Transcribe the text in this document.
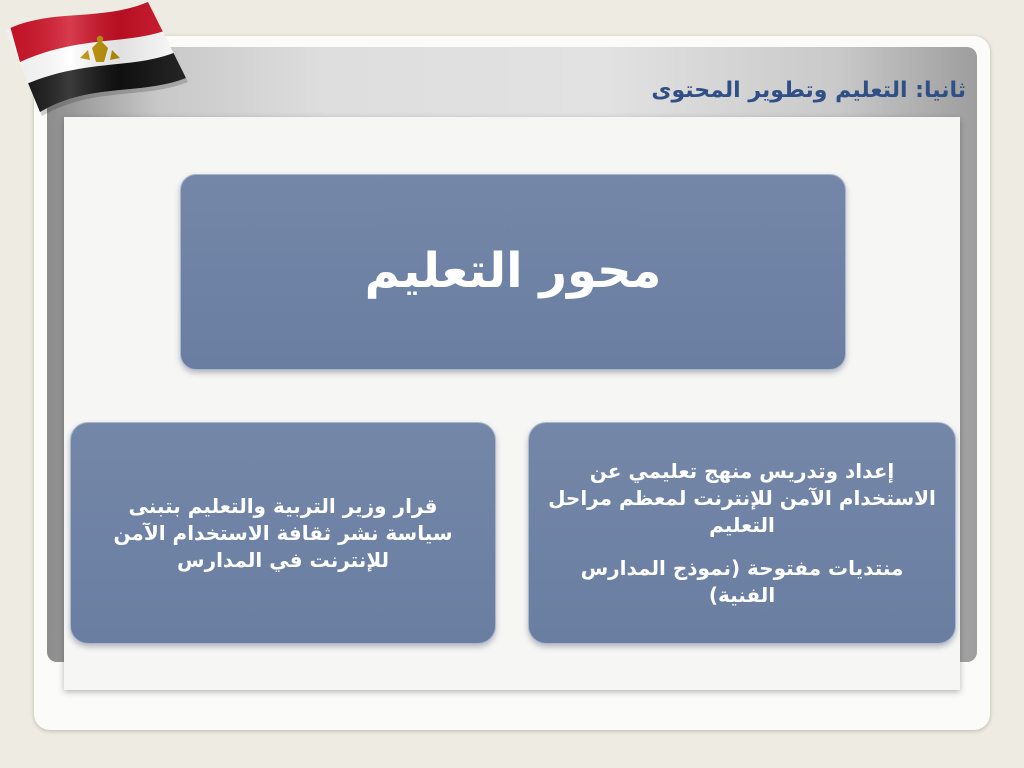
ثانيا: التعليم وتطوير المحتوى
محور التعليم

قرار وزير التربية والتعليم بتبنى سياسة نشر ثقافة الاستخدام الآمن للإنترنت في المدارس

إعداد وتدريس منهج تعليمي عن الاستخدام الآمن للإنترنت لمعظم مراحل التعليم

منتديات مفتوحة (نموذج المدارس الفنية)
